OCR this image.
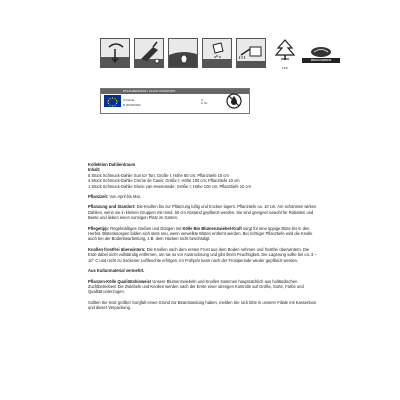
FSC
ÖKOLOGISCH
PFLANZENPASS / PLANT PASSPORT
A Dahlia
B 000000000
C
D NL

Kollektion Dahlientraum
Inhalt:
5 Stück Schmuck-Dahlie Sun tor Ton; Größe I; Höhe 80 cm; Pflanztiefe 10 cm
4 Stück Schmuck-Dahlie Creme de Casis; Größe I; Höhe 100 cm; Pflanztiefe 10 cm
1 Stück Schmuck-Dahlie Glorie van Heemstede; Größe I; Höhe 100 cm; Pflanztiefe 10 cm

Pflanzzeit: Von April bis Mai.

Pflanzung und Standort: Die Knollen bis zur Pflanzung luftig und trocken lagern. Pflanztiefe ca. 10 cm. Am schönsten wirken Dahlien, wenn sie in kleinen Gruppen mit mind. 60 cm Abstand gepflanzt werden. Sie sind geeignet sowohl für Rabatten und Beete und lieben einen sonnigen Platz im Garten.

Pflegetipp: Regelmäßiges Gießen und Düngen mit Kölle Bio Blumenzwiebel-Kraft sorgt für eine üppige Blüte bis in den Herbst. Blütenknospen bilden sich stets neu, wenn verwelkte Blüten entfernt werden. Bei richtiger Pflanztiefe wird die Knolle auch bei der Bodenbearbeitung, z.B. dem Hacken nicht beschädigt.

Knollen frostfrei überwintern: Die Knollen nach dem ersten Frost aus dem Boden nehmen und frostfrei überwintern. Die Erde dabei nicht vollständig entfernen, um sie so vor Austrocknung und gibt ihnen Feuchtigkeit. Die Lagerung sollte bei ca. 3 – 10° C und nicht zu trockener Luftfeuchte erfolgen. Im Frühjahr kann nach der Frostperiode wieder gepflanzt werden.

Aus Kulturmaterial vermehrt.

Pflanzen-Kölle Qualitätshinweis! Unsere Blumenzwiebeln und Knollen stammen hauptsächlich aus holländischen Zuchtbetrieben! Die Zwiebeln und Knollen werden nach der Ernte einer strengen Kontrolle auf Größe, Sorte, Farbe und Qualität unterzogen.

Sollten Sie trotz größter Sorgfalt einen Grund zur Beanstandung haben, melden Sie sich bitte in unserer Filiale mit Kassenbon und dieser Verpackung.
